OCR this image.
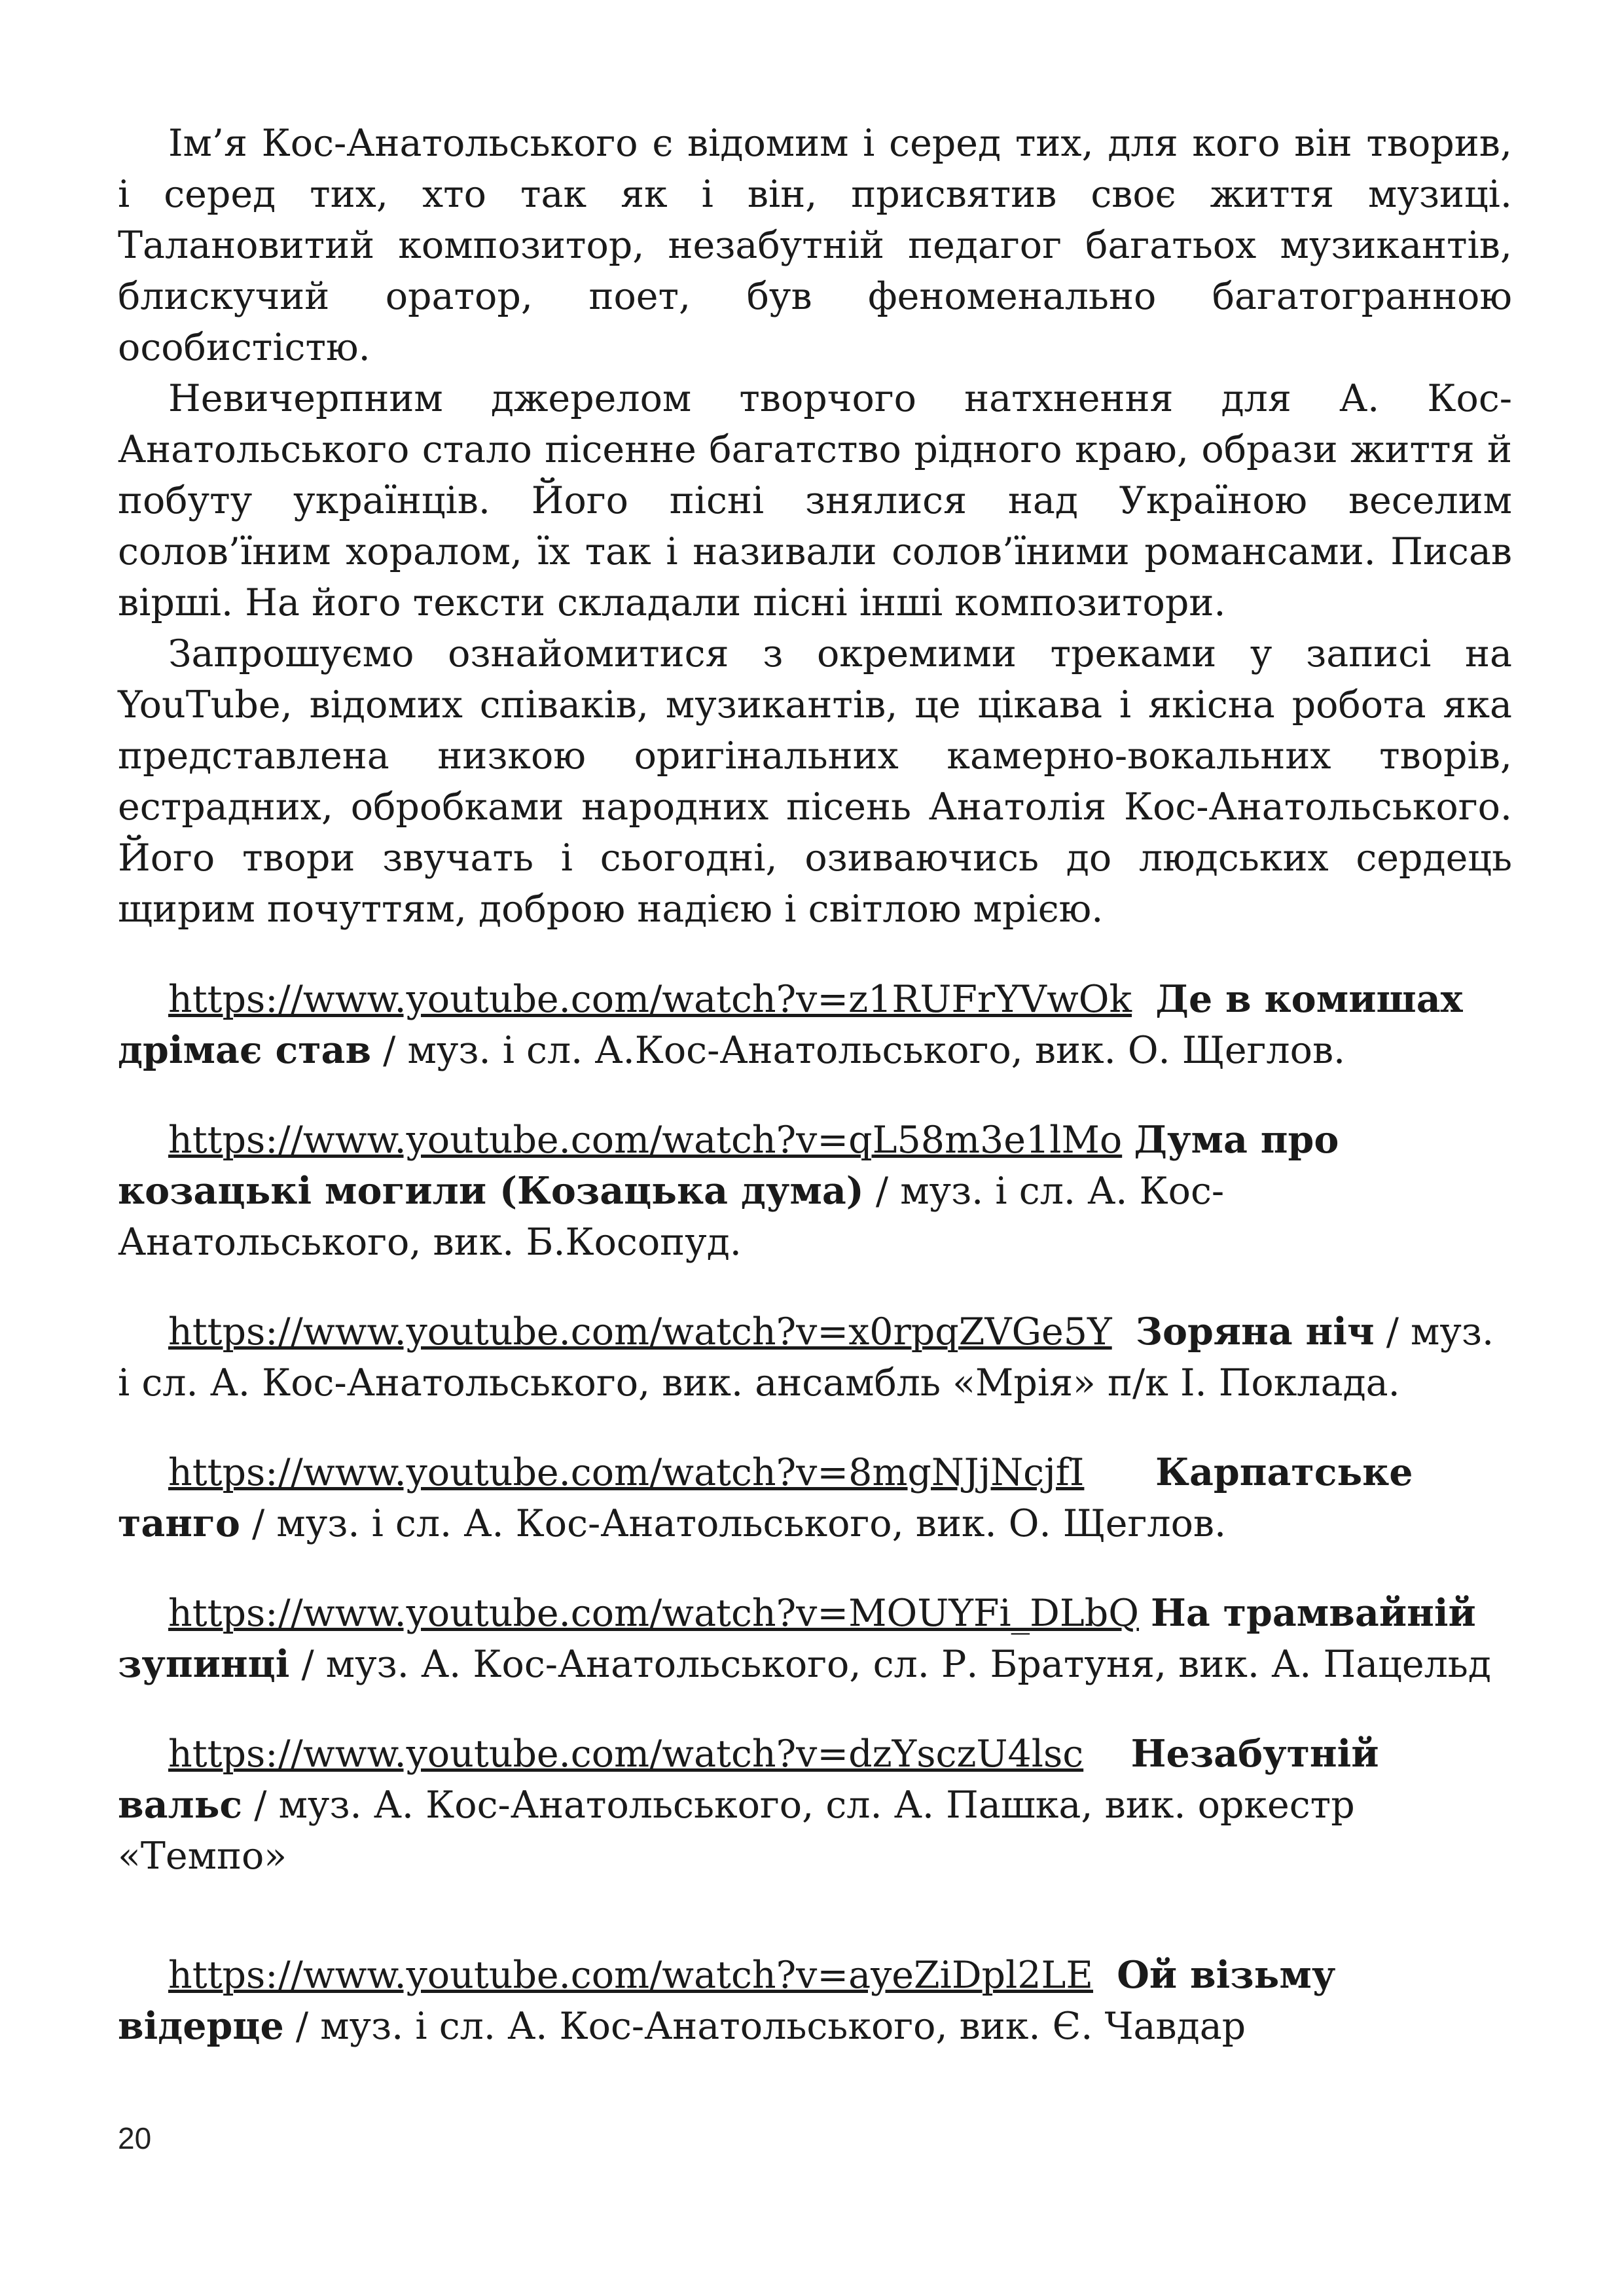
Ім’я Кос-Анатольського є відомим і серед тих, для кого він творив, і серед тих, хто так як і він, присвятив своє життя музиці. Талановитий композитор, незабутній педагог багатьох музикантів, блискучий оратор, поет, був феноменально багатогранною особистістю.

Невичерпним джерелом творчого натхнення для А. Кос-Анатольського стало пісенне багатство рідного краю, образи життя й побуту українців. Його пісні знялися над Україною веселим солов’їним хоралом, їх так і називали солов’їними романсами. Писав вірші. На його тексти складали пісні інші композитори.

Запрошуємо ознайомитися з окремими треками у записі на YouTube, відомих співаків, музикантів, це цікава і якісна робота яка представлена низкою оригінальних камерно-вокальних творів, естрадних, обробками народних пісень Анатолія Кос-Анатольського. Його твори звучать і сьогодні, озиваючись до людських сердець щирим почуттям, доброю надією і світлою мрією.

https://www.youtube.com/watch?v=z1RUFrYVwOk Де в комишах дрімає став / муз. і сл. А.Кос-Анатольського, вик. О. Щеглов.

https://www.youtube.com/watch?v=qL58m3e1lMo Дума про козацькі могили (Козацька дума) / муз. і сл. А. Кос-Анатольського, вик. Б.Косопуд.

https://www.youtube.com/watch?v=x0rpqZVGe5Y Зоряна ніч / муз. і сл. А. Кос-Анатольського, вик. ансамбль «Мрія» п/к І. Поклада.

https://www.youtube.com/watch?v=8mgNJjNcjfI Карпатське танго / муз. і сл. А. Кос-Анатольського, вик. О. Щеглов.

https://www.youtube.com/watch?v=MOUYFi_DLbQ На трамвайній зупинці / муз. А. Кос-Анатольського, сл. Р. Братуня, вик. А. Пацельд

https://www.youtube.com/watch?v=dzYsczU4lsc Незабутній вальс / муз. А. Кос-Анатольського, сл. А. Пашка, вик. оркестр «Темпо»

https://www.youtube.com/watch?v=ayeZiDpl2LE Ой візьму відерце / муз. і сл. А. Кос-Анатольського, вик. Є. Чавдар

20
